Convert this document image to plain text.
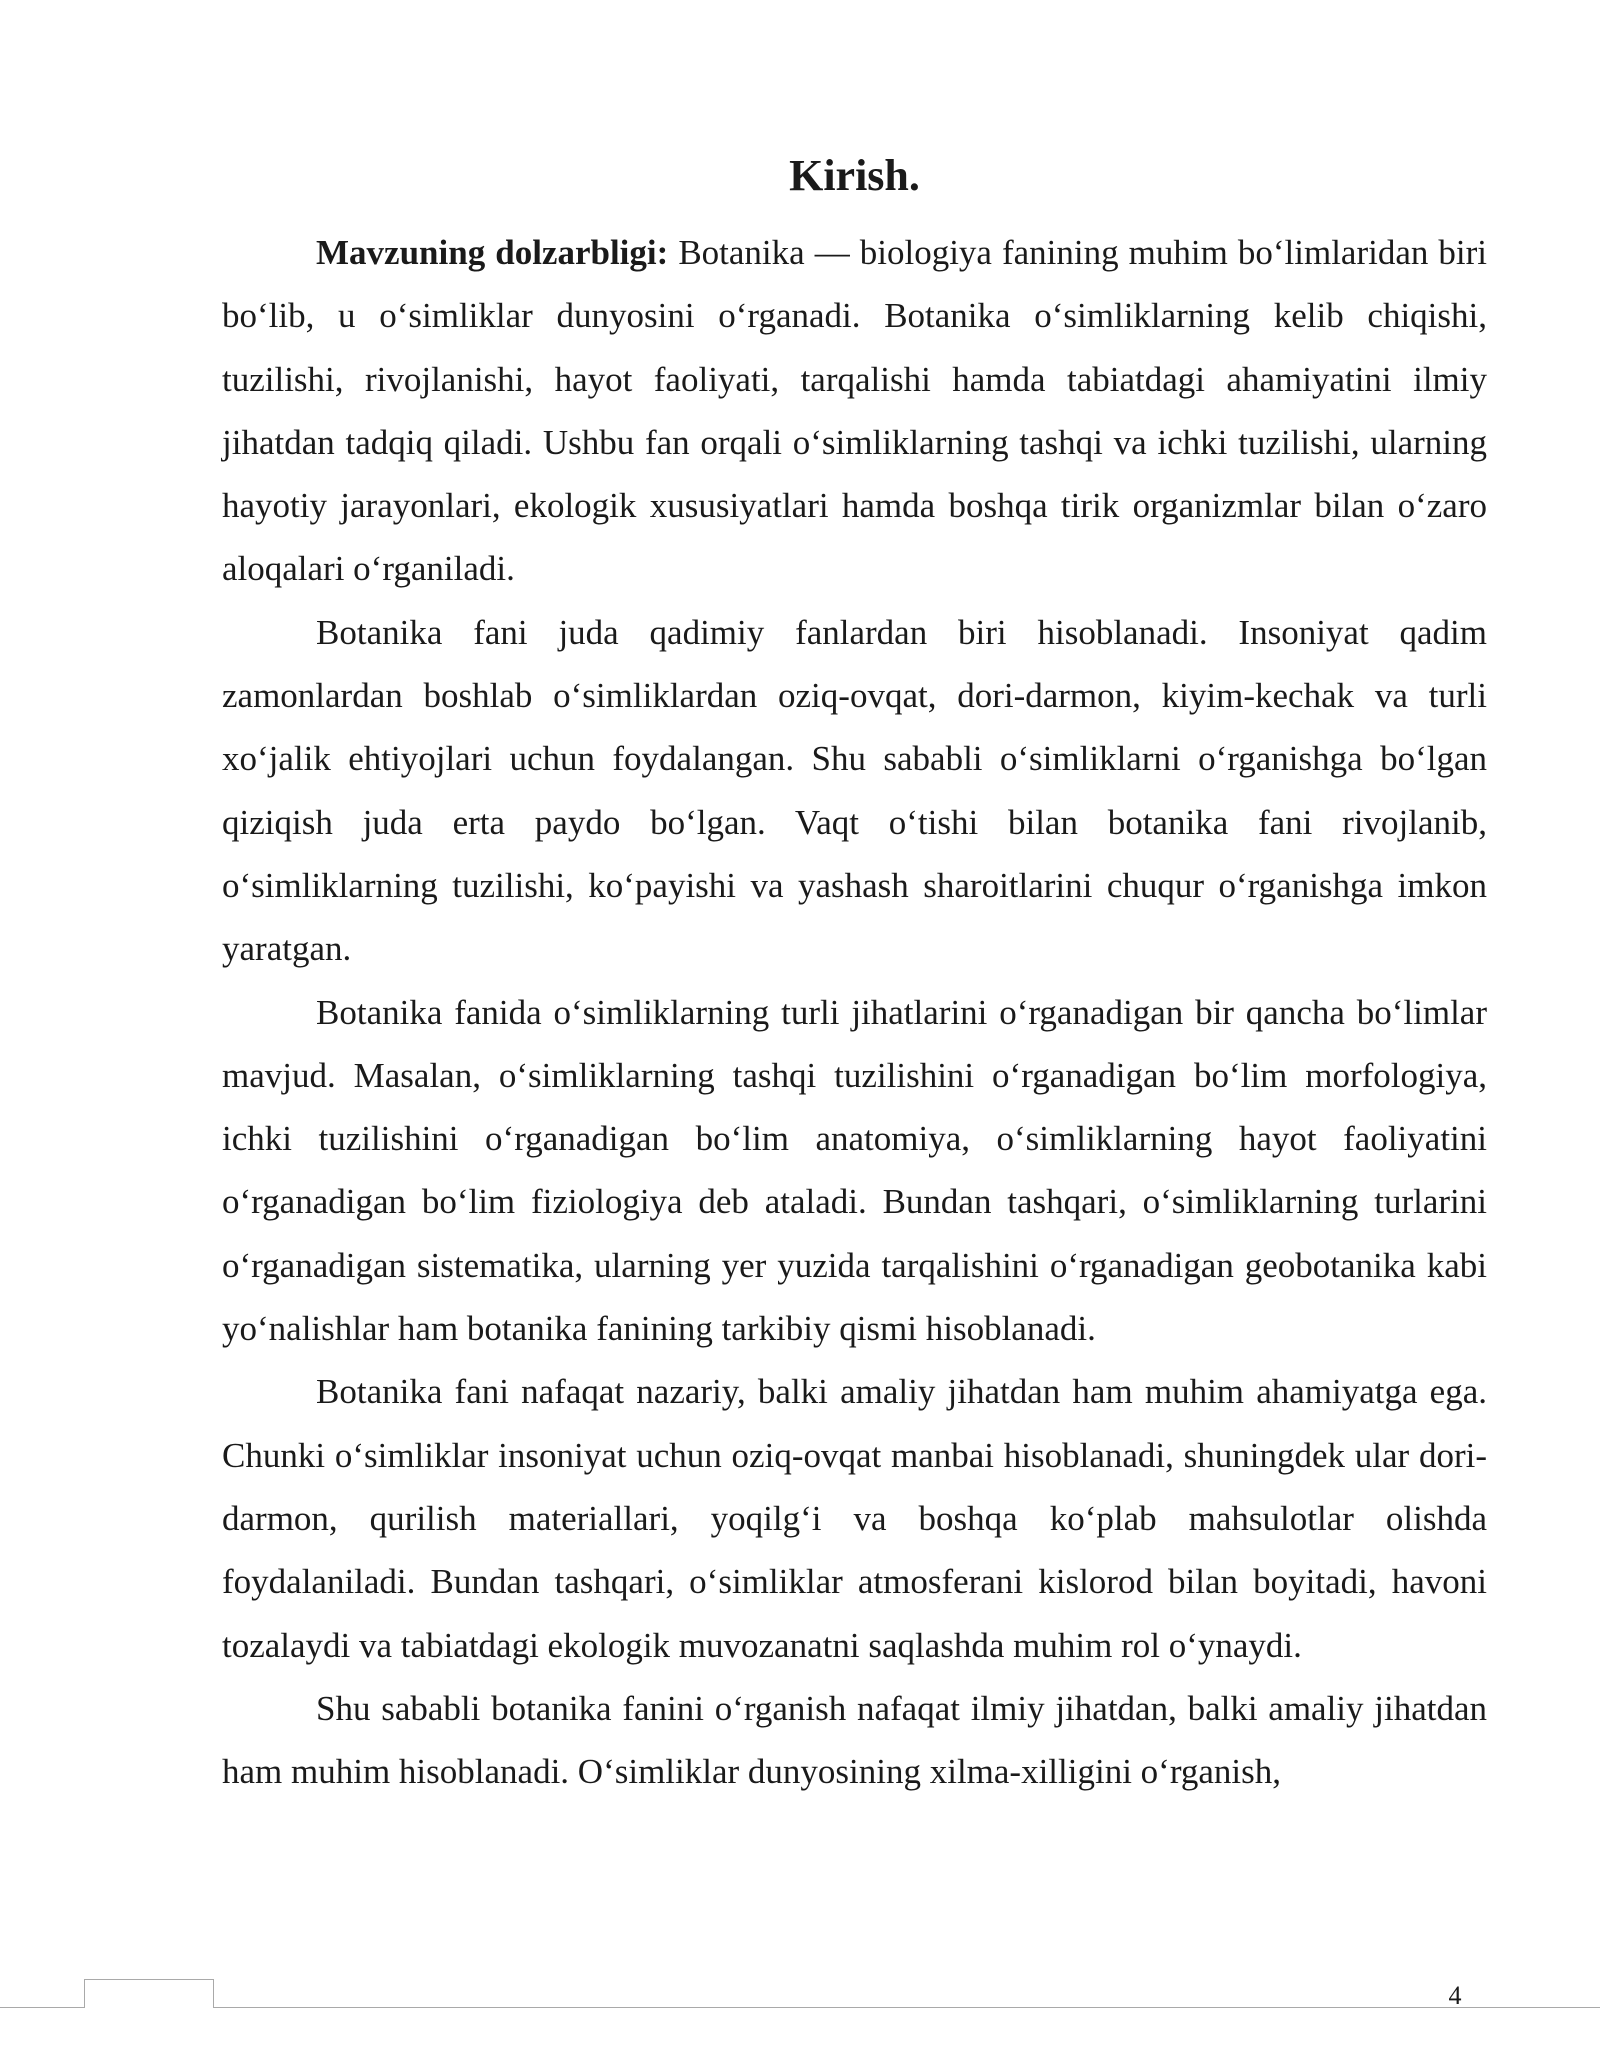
Kirish.

Mavzuning dolzarbligi: Botanika — biologiya fanining muhim bo‘limlaridan biri bo‘lib, u o‘simliklar dunyosini o‘rganadi. Botanika o‘simliklarning kelib chiqishi, tuzilishi, rivojlanishi, hayot faoliyati, tarqalishi hamda tabiatdagi ahamiyatini ilmiy jihatdan tadqiq qiladi. Ushbu fan orqali o‘simliklarning tashqi va ichki tuzilishi, ularning hayotiy jarayonlari, ekologik xususiyatlari hamda boshqa tirik organizmlar bilan o‘zaro aloqalari o‘rganiladi.

Botanika fani juda qadimiy fanlardan biri hisoblanadi. Insoniyat qadim zamonlardan boshlab o‘simliklardan oziq-ovqat, dori-darmon, kiyim-kechak va turli xo‘jalik ehtiyojlari uchun foydalangan. Shu sababli o‘simliklarni o‘rganishga bo‘lgan qiziqish juda erta paydo bo‘lgan. Vaqt o‘tishi bilan botanika fani rivojlanib, o‘simliklarning tuzilishi, ko‘payishi va yashash sharoitlarini chuqur o‘rganishga imkon yaratgan.

Botanika fanida o‘simliklarning turli jihatlarini o‘rganadigan bir qancha bo‘limlar mavjud. Masalan, o‘simliklarning tashqi tuzilishini o‘rganadigan bo‘lim morfologiya, ichki tuzilishini o‘rganadigan bo‘lim anatomiya, o‘simliklarning hayot faoliyatini o‘rganadigan bo‘lim fiziologiya deb ataladi. Bundan tashqari, o‘simliklarning turlarini o‘rganadigan sistematika, ularning yer yuzida tarqalishini o‘rganadigan geobotanika kabi yo‘nalishlar ham botanika fanining tarkibiy qismi hisoblanadi.

Botanika fani nafaqat nazariy, balki amaliy jihatdan ham muhim ahamiyatga ega. Chunki o‘simliklar insoniyat uchun oziq-ovqat manbai hisoblanadi, shuningdek ular dori-darmon, qurilish materiallari, yoqilg‘i va boshqa ko‘plab mahsulotlar olishda foydalaniladi. Bundan tashqari, o‘simliklar atmosferani kislorod bilan boyitadi, havoni tozalaydi va tabiatdagi ekologik muvozanatni saqlashda muhim rol o‘ynaydi.

Shu sababli botanika fanini o‘rganish nafaqat ilmiy jihatdan, balki amaliy jihatdan ham muhim hisoblanadi. O‘simliklar dunyosining xilma-xilligini o‘rganish,

4
